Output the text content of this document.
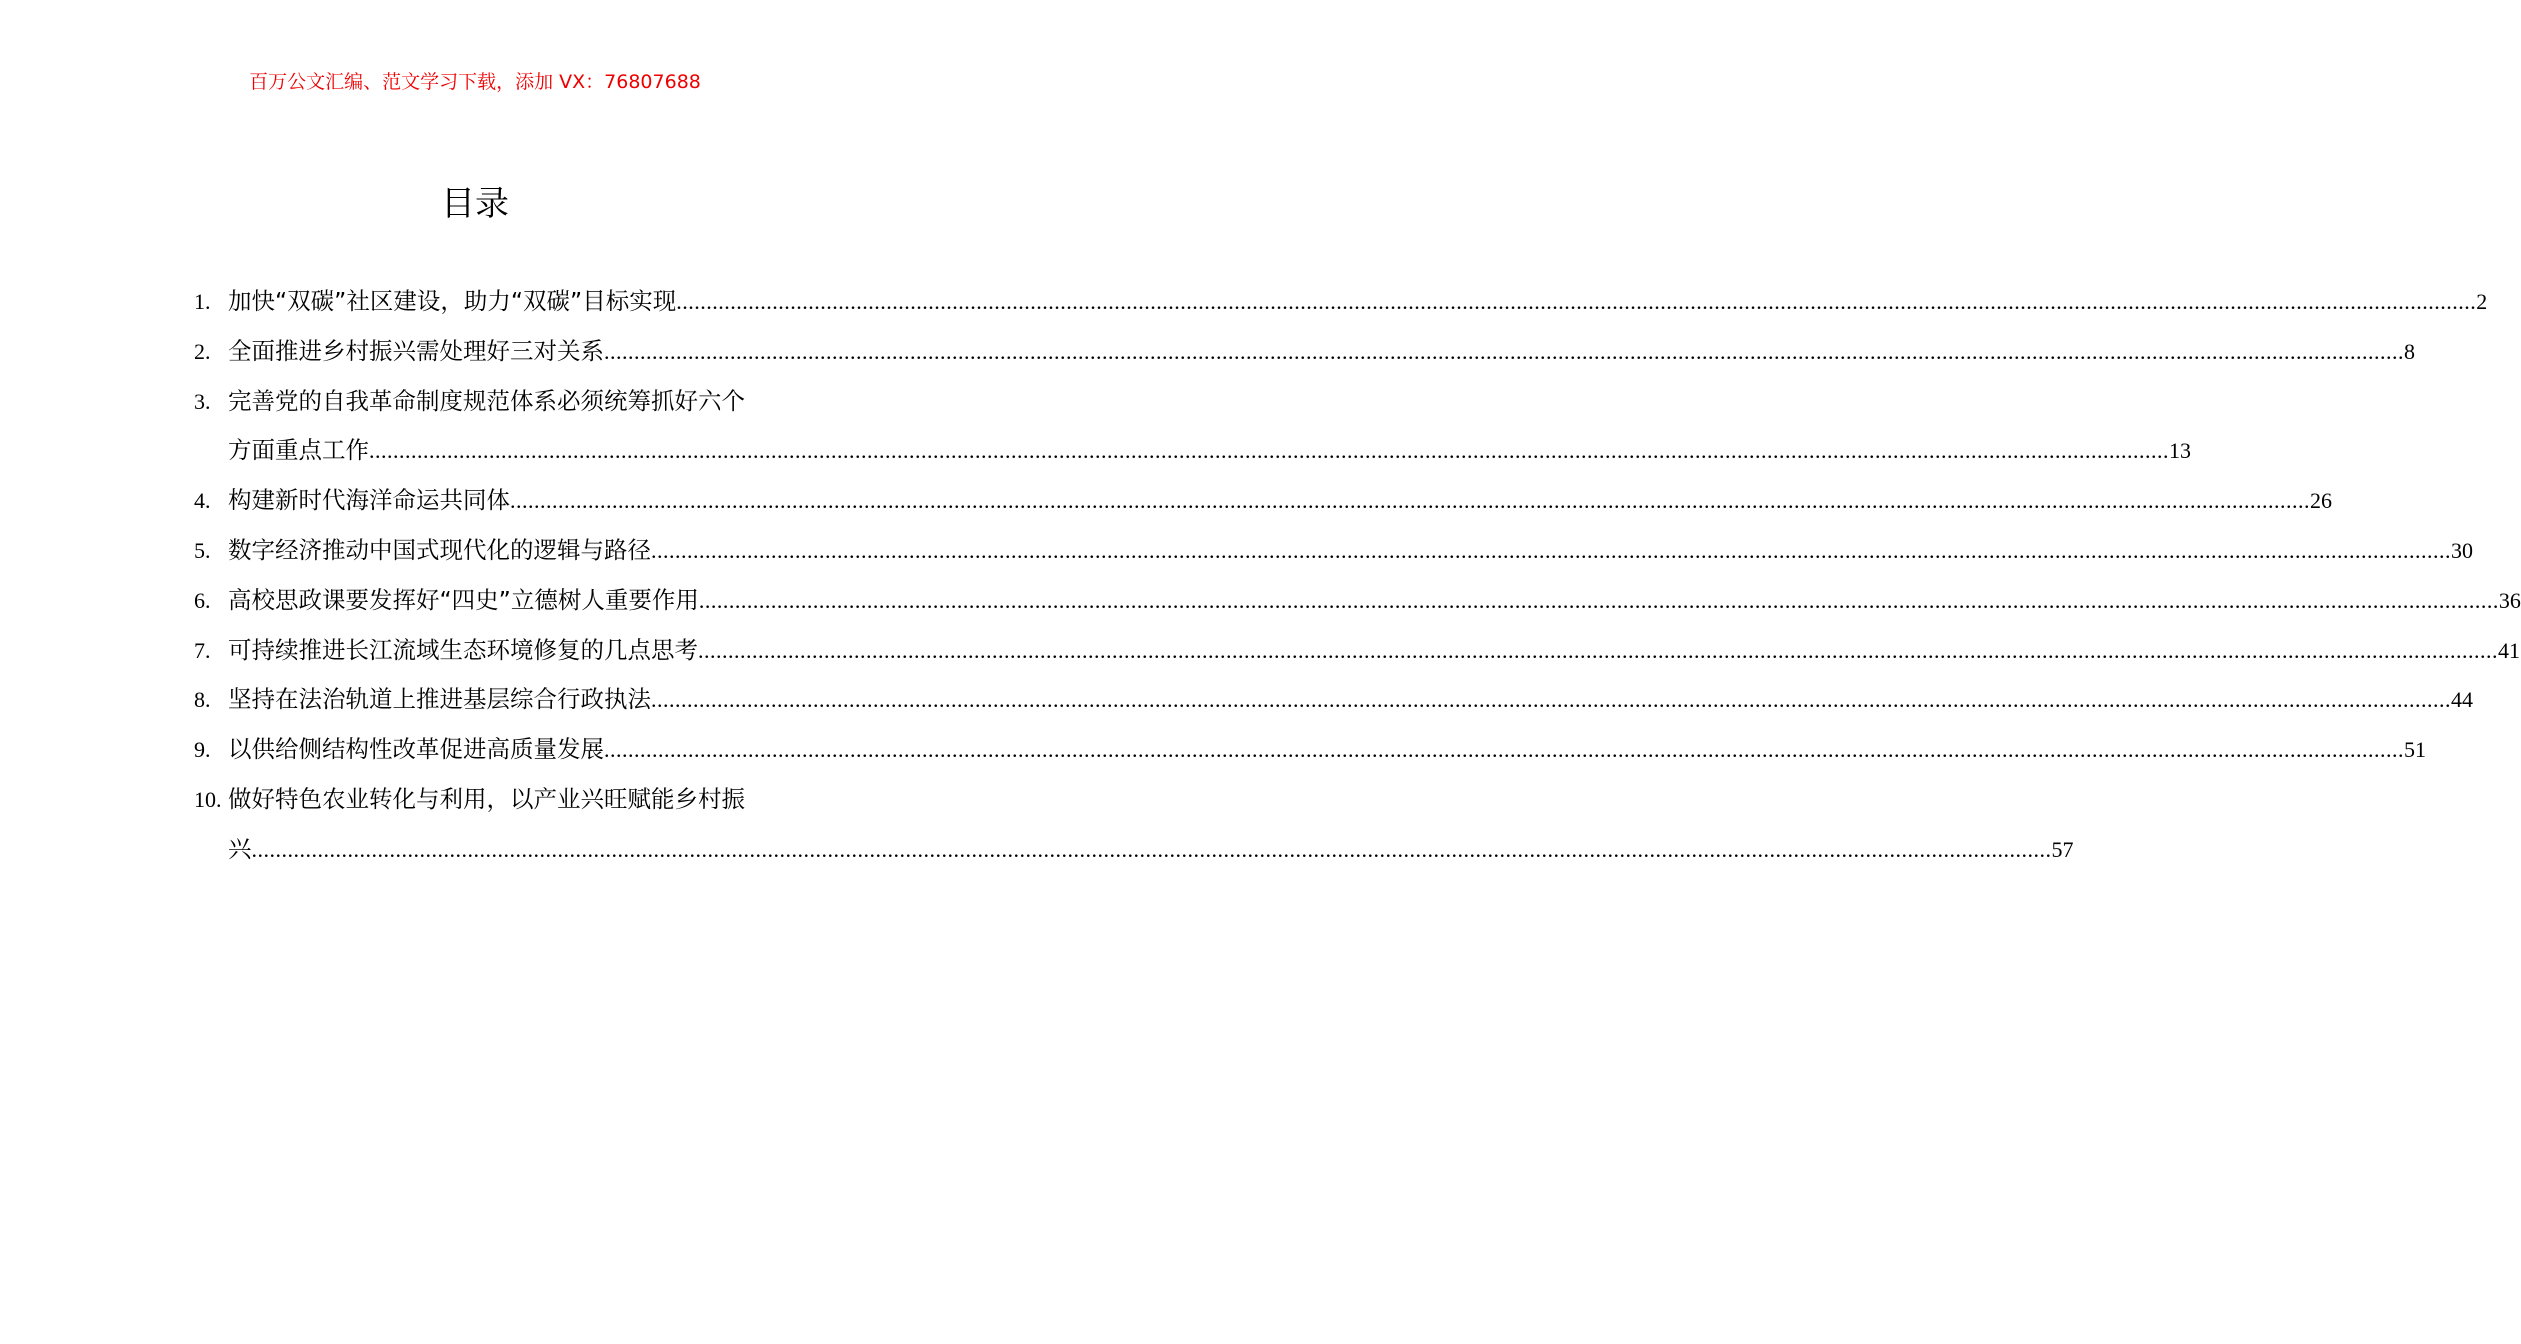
百万公文汇编、范文学习下载，添加 VX：76807688
目录
1. 加快“双碳”社区建设，助力“双碳”目标实现 ............................................................................................................................................................................................................................................................................................................ 2
2. 全面推进乡村振兴需处理好三对关系 ............................................................................................................................................................................................................................................................................................................ 8
3. 完善党的自我革命制度规范体系必须统筹抓好六个
方面重点工作 ............................................................................................................................................................................................................................................................................................................ 13
4. 构建新时代海洋命运共同体 ............................................................................................................................................................................................................................................................................................................ 26
5. 数字经济推动中国式现代化的逻辑与路径 ............................................................................................................................................................................................................................................................................................................ 30
6. 高校思政课要发挥好“四史”立德树人重要作用 ............................................................................................................................................................................................................................................................................................................ 36
7. 可持续推进长江流域生态环境修复的几点思考 ............................................................................................................................................................................................................................................................................................................ 41
8. 坚持在法治轨道上推进基层综合行政执法 ............................................................................................................................................................................................................................................................................................................ 44
9. 以供给侧结构性改革促进高质量发展 ............................................................................................................................................................................................................................................................................................................ 51
10. 做好特色农业转化与利用，以产业兴旺赋能乡村振
兴 ............................................................................................................................................................................................................................................................................................................ 57
